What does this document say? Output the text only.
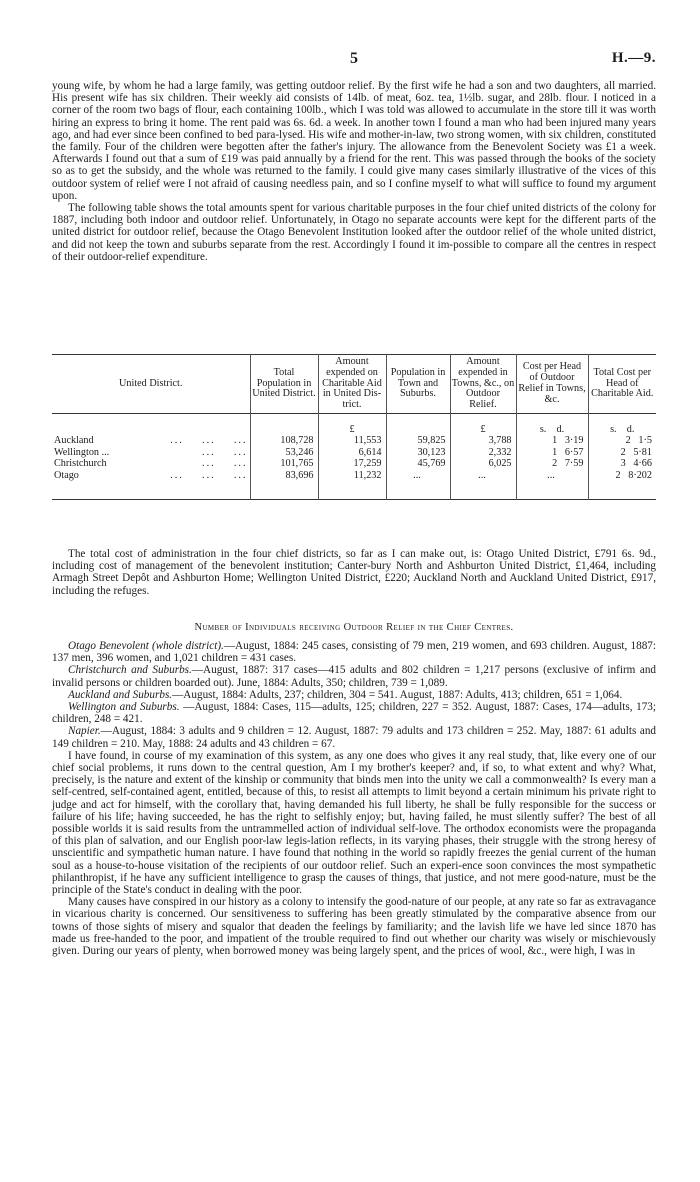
5	H.—9.

young wife, by whom he had a large family, was getting outdoor relief. By the first wife he had a son and two daughters, all married. His present wife has six children. Their weekly aid consists of 14lb. of meat, 6oz. tea, 1½lb. sugar, and 28lb. flour. I noticed in a corner of the room two bags of flour, each containing 100lb., which I was told was allowed to accumulate in the store till it was worth hiring an express to bring it home. The rent paid was 6s. 6d. a week. In another town I found a man who had been injured many years ago, and had ever since been confined to bed para-lysed. His wife and mother-in-law, two strong women, with six children, constituted the family. Four of the children were begotten after the father's injury. The allowance from the Benevolent Society was £1 a week. Afterwards I found out that a sum of £19 was paid annually by a friend for the rent. This was passed through the books of the society so as to get the subsidy, and the whole was returned to the family. I could give many cases similarly illustrative of the vices of this outdoor system of relief were I not afraid of causing needless pain, and so I confine myself to what will suffice to found my argument upon.

The following table shows the total amounts spent for various charitable purposes in the four chief united districts of the colony for 1887, including both indoor and outdoor relief. Unfortunately, in Otago no separate accounts were kept for the different parts of the united district for outdoor relief, because the Otago Benevolent Institution looked after the outdoor relief of the whole united district, and did not keep the town and suburbs separate from the rest. Accordingly I found it im-possible to compare all the centres in respect of their outdoor-relief expenditure.

United District.	Total Population in United District.	Amount expended on Charitable Aid in United Dis-trict.	Population in Town and Suburbs.	Amount expended in Towns, &c., on Outdoor Relief.	Cost per Head of Outdoor Relief in Towns, &c.	Total Cost per Head of Charitable Aid.
		£		£	s.    d.	s.    d.
Auckland ...    ...    ...	108,728	11,553	59,825	3,788	1   3·19	2   1·5
Wellington ... ...    ...	53,246	6,614	30,123	2,332	1   6·57	2   5·81
Christchurch ...    ...	101,765	17,259	45,769	6,025	2   7·59	3   4·66
Otago ...    ...    ...	83,696	11,232	...	...	...	2   8·202

The total cost of administration in the four chief districts, so far as I can make out, is: Otago United District, £791 6s. 9d., including cost of management of the benevolent institution; Canter-bury North and Ashburton United District, £1,464, including Armagh Street Depôt and Ashburton Home; Wellington United District, £220; Auckland North and Auckland United District, £917, including the refuges.

Number of Individuals receiving Outdoor Relief in the Chief Centres.

Otago Benevolent (whole district).—August, 1884: 245 cases, consisting of 79 men, 219 women, and 693 children. August, 1887: 137 men, 396 women, and 1,021 children = 431 cases.

Christchurch and Suburbs.—August, 1887: 317 cases—415 adults and 802 children = 1,217 persons (exclusive of infirm and invalid persons or children boarded out). June, 1884: Adults, 350; children, 739 = 1,089.

Auckland and Suburbs.—August, 1884: Adults, 237; children, 304 = 541. August, 1887: Adults, 413; children, 651 = 1,064.

Wellington and Suburbs. —August, 1884: Cases, 115—adults, 125; children, 227 = 352. August, 1887: Cases, 174—adults, 173; children, 248 = 421.

Napier.—August, 1884: 3 adults and 9 children = 12. August, 1887: 79 adults and 173 children = 252. May, 1887: 61 adults and 149 children = 210. May, 1888: 24 adults and 43 children = 67.

I have found, in course of my examination of this system, as any one does who gives it any real study, that, like every one of our chief social problems, it runs down to the central question, Am I my brother's keeper? and, if so, to what extent and why? What, precisely, is the nature and extent of the kinship or community that binds men into the unity we call a commonwealth? Is every man a self-centred, self-contained agent, entitled, because of this, to resist all attempts to limit beyond a certain minimum his private right to judge and act for himself, with the corollary that, having demanded his full liberty, he shall be fully responsible for the success or failure of his life; having succeeded, he has the right to selfishly enjoy; but, having failed, he must silently suffer? The best of all possible worlds it is said results from the untrammelled action of individual self-love. The orthodox economists were the propaganda of this plan of salvation, and our English poor-law legis-lation reflects, in its varying phases, their struggle with the strong heresy of unscientific and sympathetic human nature. I have found that nothing in the world so rapidly freezes the genial current of the human soul as a house-to-house visitation of the recipients of our outdoor relief. Such an experi-ence soon convinces the most sympathetic philanthropist, if he have any sufficient intelligence to grasp the causes of things, that justice, and not mere good-nature, must be the principle of the State's conduct in dealing with the poor.

Many causes have conspired in our history as a colony to intensify the good-nature of our people, at any rate so far as extravagance in vicarious charity is concerned. Our sensitiveness to suffering has been greatly stimulated by the comparative absence from our towns of those sights of misery and squalor that deaden the feelings by familiarity; and the lavish life we have led since 1870 has made us free-handed to the poor, and impatient of the trouble required to find out whether our charity was wisely or mischievously given. During our years of plenty, when borrowed money was being largely spent, and the prices of wool, &c., were high, I was in
